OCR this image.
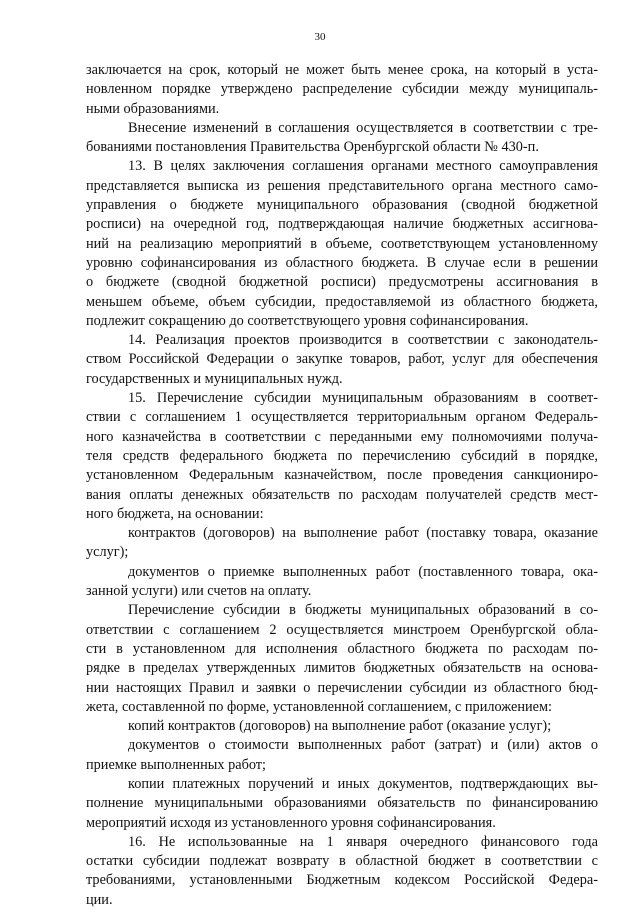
30
заключается на срок, который не может быть менее срока, на который в уста-
новленном порядке утверждено распределение субсидии между муниципаль-
ными образованиями.
Внесение изменений в соглашения осуществляется в соответствии с тре-
бованиями постановления Правительства Оренбургской области № 430-п.
13. В целях заключения соглашения органами местного самоуправления
представляется выписка из решения представительного органа местного само-
управления о бюджете муниципального образования (сводной бюджетной
росписи) на очередной год, подтверждающая наличие бюджетных ассигнова-
ний на реализацию мероприятий в объеме, соответствующем установленному
уровню софинансирования из областного бюджета. В случае если в решении
о бюджете (сводной бюджетной росписи) предусмотрены ассигнования в
меньшем объеме, объем субсидии, предоставляемой из областного бюджета,
подлежит сокращению до соответствующего уровня софинансирования.
14. Реализация проектов производится в соответствии с законодатель-
ством Российской Федерации о закупке товаров, работ, услуг для обеспечения
государственных и муниципальных нужд.
15. Перечисление субсидии муниципальным образованиям в соответ-
ствии с соглашением 1 осуществляется территориальным органом Федераль-
ного казначейства в соответствии с переданными ему полномочиями получа-
теля средств федерального бюджета по перечислению субсидий в порядке,
установленном Федеральным казначейством, после проведения санкциониро-
вания оплаты денежных обязательств по расходам получателей средств мест-
ного бюджета, на основании:
контрактов (договоров) на выполнение работ (поставку товара, оказание
услуг);
документов о приемке выполненных работ (поставленного товара, ока-
занной услуги) или счетов на оплату.
Перечисление субсидии в бюджеты муниципальных образований в со-
ответствии с соглашением 2 осуществляется минстроем Оренбургской обла-
сти в установленном для исполнения областного бюджета по расходам по-
рядке в пределах утвержденных лимитов бюджетных обязательств на основа-
нии настоящих Правил и заявки о перечислении субсидии из областного бюд-
жета, составленной по форме, установленной соглашением, с приложением:
копий контрактов (договоров) на выполнение работ (оказание услуг);
документов о стоимости выполненных работ (затрат) и (или) актов о
приемке выполненных работ;
копии платежных поручений и иных документов, подтверждающих вы-
полнение муниципальными образованиями обязательств по финансированию
мероприятий исходя из установленного уровня софинансирования.
16. Не использованные на 1 января очередного финансового года
остатки субсидии подлежат возврату в областной бюджет в соответствии с
требованиями, установленными Бюджетным кодексом Российской Федера-
ции.
